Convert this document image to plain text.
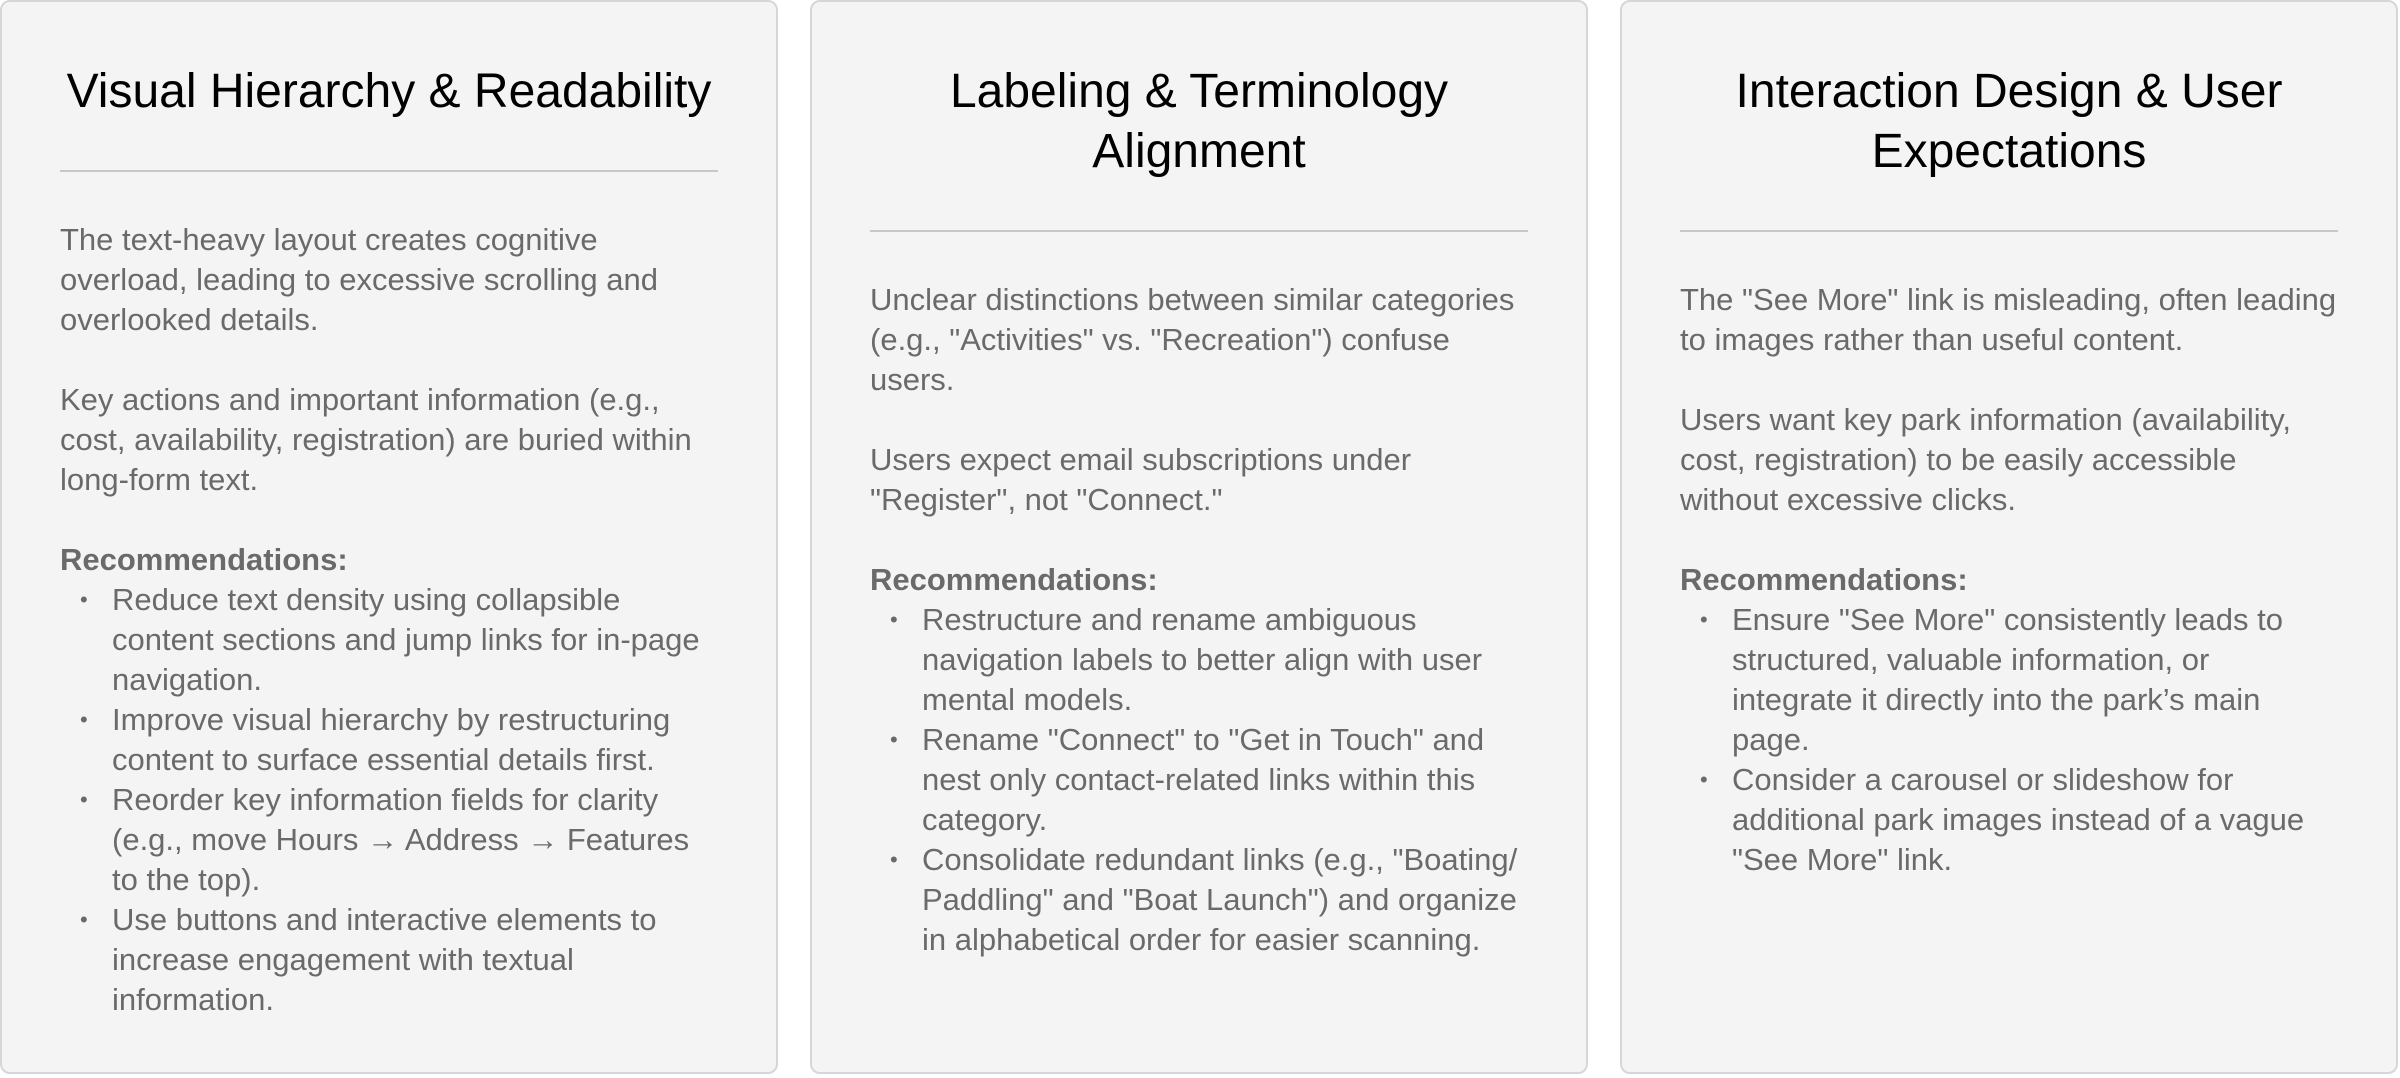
Visual Hierarchy & Readability

The text-heavy layout creates cognitive overload, leading to excessive scrolling and overlooked details.

Key actions and important information (e.g., cost, availability, registration) are buried within long-form text.

Recommendations:

• Reduce text density using collapsible content sections and jump links for in-page navigation.
• Improve visual hierarchy by restructuring content to surface essential details first.
• Reorder key information fields for clarity (e.g., move Hours → Address → Features to the top).
• Use buttons and interactive elements to increase engagement with textual information.
Labeling & Terminology Alignment

Unclear distinctions between similar categories (e.g., "Activities" vs. "Recreation") confuse users.

Users expect email subscriptions under "Register", not "Connect."

Recommendations:

• Restructure and rename ambiguous navigation labels to better align with user mental models.
• Rename "Connect" to "Get in Touch" and nest only contact-related links within this category.
• Consolidate redundant links (e.g., "Boating/ Paddling" and "Boat Launch") and organize in alphabetical order for easier scanning.
Interaction Design & User Expectations

The "See More" link is misleading, often leading to images rather than useful content.

Users want key park information (availability, cost, registration) to be easily accessible without excessive clicks.

Recommendations:

• Ensure "See More" consistently leads to structured, valuable information, or integrate it directly into the park’s main page.
• Consider a carousel or slideshow for additional park images instead of a vague "See More" link.
